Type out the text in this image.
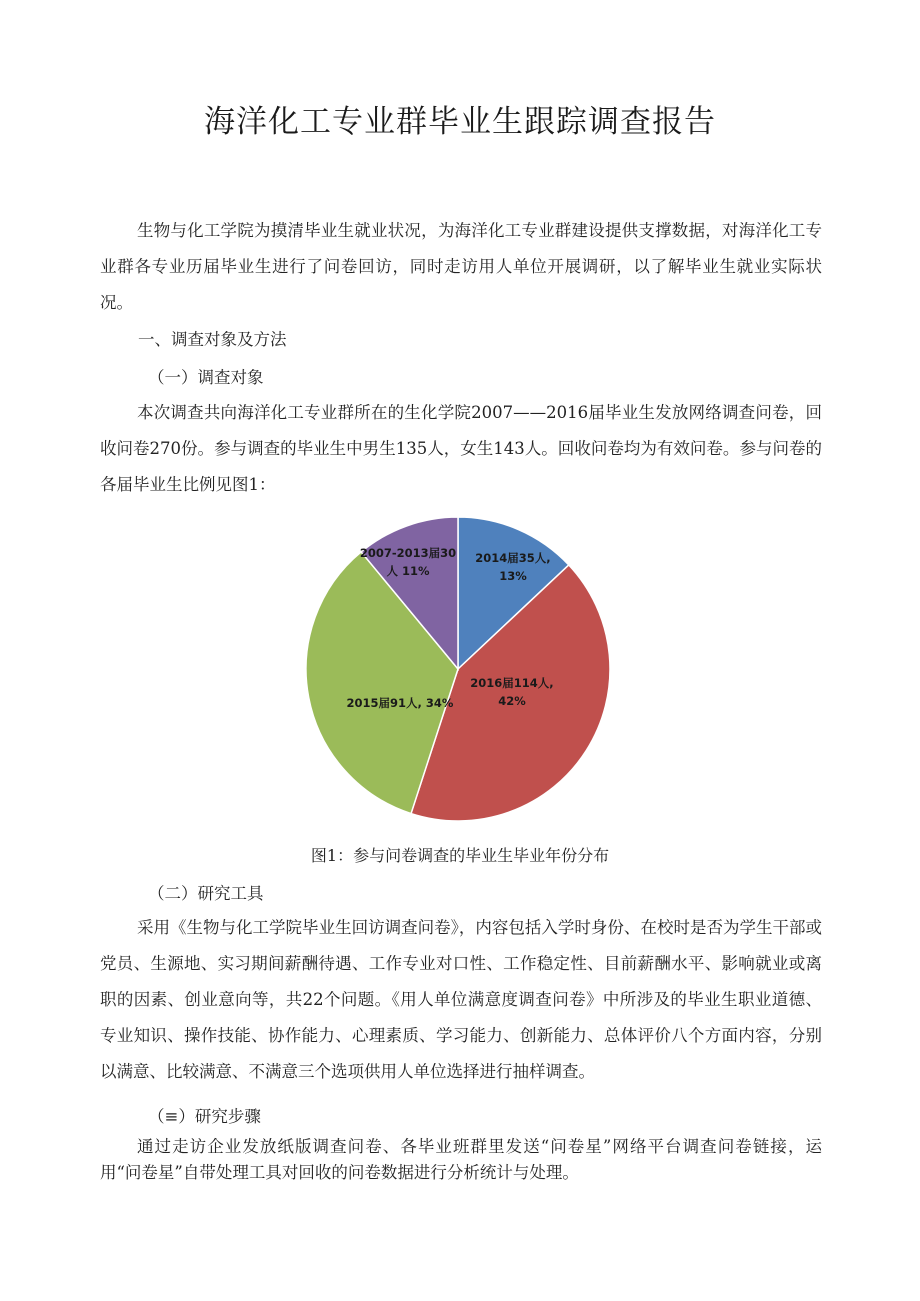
海洋化工专业群毕业生跟踪调查报告
生物与化工学院为摸清毕业生就业状况，为海洋化工专业群建设提供支撑数据，对海洋化工专业群各专业历届毕业生进行了问卷回访，同时走访用人单位开展调研，以了解毕业生就业实际状况。
一、调查对象及方法
（一）调查对象
本次调查共向海洋化工专业群所在的生化学院2007——2016届毕业生发放网络调查问卷，回收问卷270份。参与调查的毕业生中男生135人，女生143人。回收问卷均为有效问卷。参与问卷的各届毕业生比例见图1：
2014届35人,
13%
2016届114人,
42%
2015届91人, 34%
2007-2013届30
人 11%
图1：参与问卷调查的毕业生毕业年份分布
（二）研究工具
采用《生物与化工学院毕业生回访调查问卷》，内容包括入学时身份、在校时是否为学生干部或党员、生源地、实习期间薪酬待遇、工作专业对口性、工作稳定性、目前薪酬水平、影响就业或离职的因素、创业意向等，共22个问题。《用人单位满意度调查问卷》中所涉及的毕业生职业道德、专业知识、操作技能、协作能力、心理素质、学习能力、创新能力、总体评价八个方面内容，分别以满意、比较满意、不满意三个选项供用人单位选择进行抽样调查。
（≡）研究步骤
通过走访企业发放纸版调查问卷、各毕业班群里发送“问卷星”网络平台调查问卷链接，运用“问卷星”自带处理工具对回收的问卷数据进行分析统计与处理。
